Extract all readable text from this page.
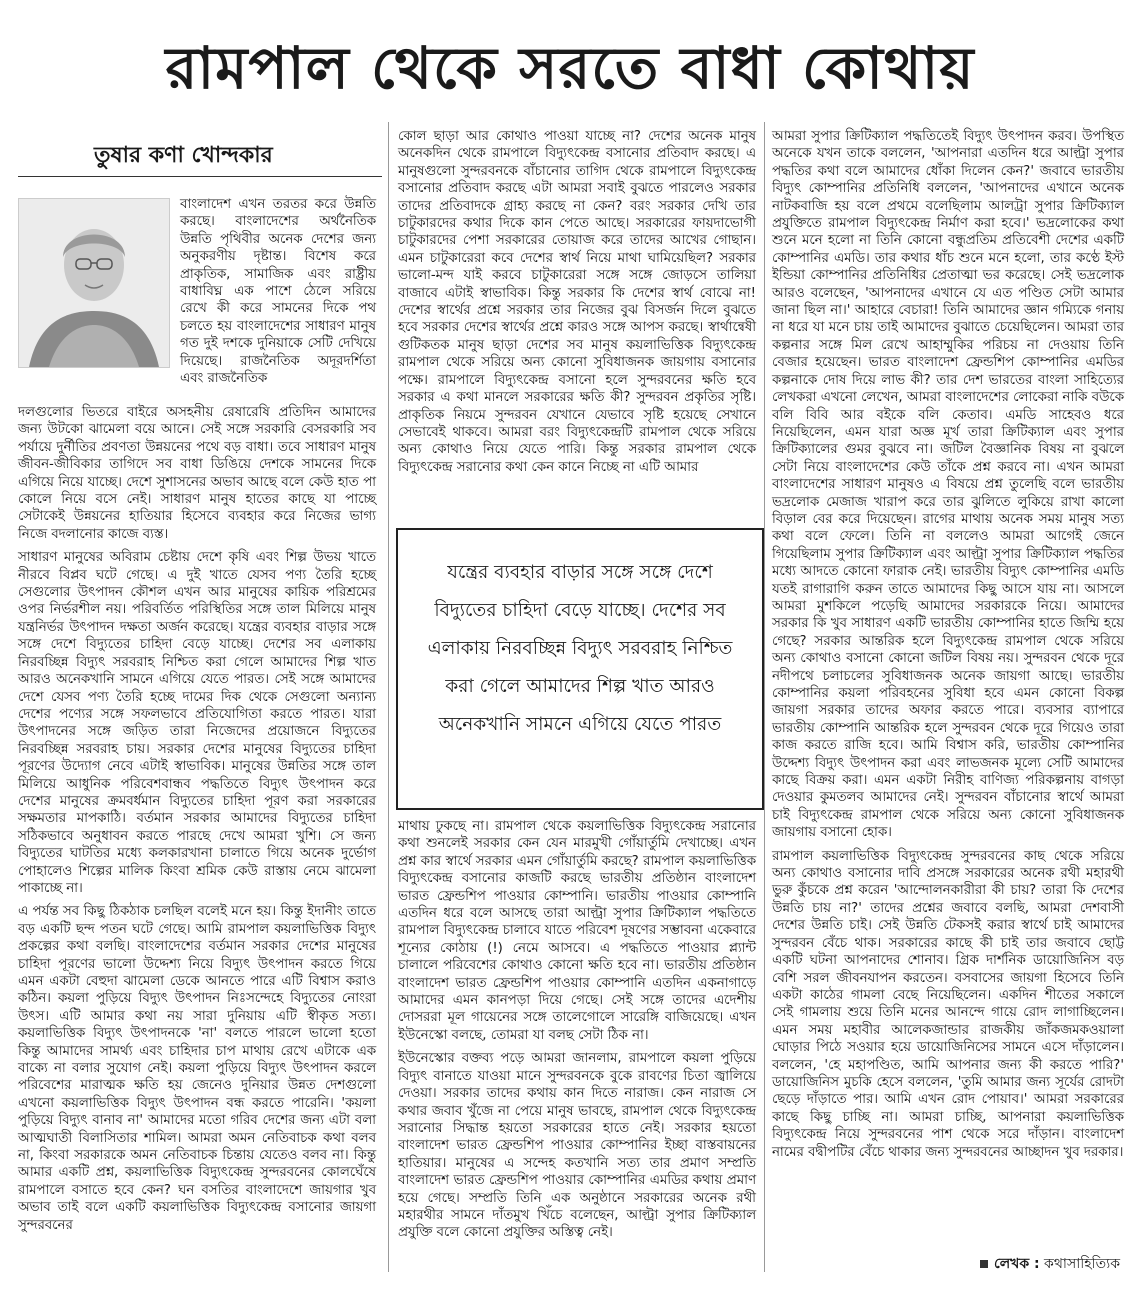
রামপাল থেকে সরতে বাধা কোথায়
তুষার কণা খোন্দকার

বাংলাদেশ এখন তরতর করে উন্নতি করছে। বাংলাদেশের অর্থনৈতিক উন্নতি পৃথিবীর অনেক দেশের জন্য অনুকরণীয় দৃষ্টান্ত। বিশেষ করে প্রাকৃতিক, সামাজিক এবং রাষ্ট্রীয় বাধাবিঘ্ন এক পাশে ঠেলে সরিয়ে রেখে কী করে সামনের দিকে পথ চলতে হয় বাংলাদেশের সাধারণ মানুষ গত দুই দশকে দুনিয়াকে সেটি দেখিয়ে দিয়েছে। রাজনৈতিক অদূরদর্শিতা এবং রাজনৈতিক

দলগুলোর ভিতরে বাইরে অসহনীয় রেষারেষি প্রতিদিন আমাদের জন্য উটকো ঝামেলা বয়ে আনে। সেই সঙ্গে সরকারি বেসরকারি সব পর্যায়ে দুর্নীতির প্রবণতা উন্নয়নের পথে বড় বাধা। তবে সাধারণ মানুষ জীবন-জীবিকার তাগিদে সব বাধা ডিঙিয়ে দেশকে সামনের দিকে এগিয়ে নিয়ে যাচ্ছে। দেশে সুশাসনের অভাব আছে বলে কেউ হাত পা কোলে নিয়ে বসে নেই। সাধারণ মানুষ হাতের কাছে যা পাচ্ছে সেটাকেই উন্নয়নের হাতিয়ার হিসেবে ব্যবহার করে নিজের ভাগ্য নিজে বদলানোর কাজে ব্যস্ত।

সাধারণ মানুষের অবিরাম চেষ্টায় দেশে কৃষি এবং শিল্প উভয় খাতে নীরবে বিপ্লব ঘটে গেছে। এ দুই খাতে যেসব পণ্য তৈরি হচ্ছে সেগুলোর উৎপাদন কৌশল এখন আর মানুষের কায়িক পরিশ্রমের ওপর নির্ভরশীল নয়। পরিবর্তিত পরিস্থিতির সঙ্গে তাল মিলিয়ে মানুষ যন্ত্রনির্ভর উৎপাদন দক্ষতা অর্জন করেছে। যন্ত্রের ব্যবহার বাড়ার সঙ্গে সঙ্গে দেশে বিদ্যুতের চাহিদা বেড়ে যাচ্ছে। দেশের সব এলাকায় নিরবচ্ছিন্ন বিদ্যুৎ সরবরাহ নিশ্চিত করা গেলে আমাদের শিল্প খাত আরও অনেকখানি সামনে এগিয়ে যেতে পারত। সেই সঙ্গে আমাদের দেশে যেসব পণ্য তৈরি হচ্ছে দামের দিক থেকে সেগুলো অন্যান্য দেশের পণ্যের সঙ্গে সফলভাবে প্রতিযোগিতা করতে পারত। যারা উৎপাদনের সঙ্গে জড়িত তারা নিজেদের প্রয়োজনে বিদ্যুতের নিরবচ্ছিন্ন সরবরাহ চায়। সরকার দেশের মানুষের বিদ্যুতের চাহিদা পূরণের উদ্যোগ নেবে এটাই স্বাভাবিক। মানুষের উন্নতির সঙ্গে তাল মিলিয়ে আধুনিক পরিবেশবান্ধব পদ্ধতিতে বিদ্যুৎ উৎপাদন করে দেশের মানুষের ক্রমবর্ধমান বিদ্যুতের চাহিদা পূরণ করা সরকারের সক্ষমতার মাপকাঠি। বর্তমান সরকার আমাদের বিদ্যুতের চাহিদা সঠিকভাবে অনুধাবন করতে পারছে দেখে আমরা খুশি। সে জন্য বিদ্যুতের ঘাটতির মধ্যে কলকারখানা চালাতে গিয়ে অনেক দুর্ভোগ পোহালেও শিল্পের মালিক কিংবা শ্রমিক কেউ রাস্তায় নেমে ঝামেলা পাকাচ্ছে না।

এ পর্যন্ত সব কিছু ঠিকঠাক চলছিল বলেই মনে হয়। কিন্তু ইদানীং তাতে বড় একটি ছন্দ পতন ঘটে গেছে। আমি রামপাল কয়লাভিত্তিক বিদ্যুৎ প্রকল্পের কথা বলছি। বাংলাদেশের বর্তমান সরকার দেশের মানুষের চাহিদা পূরণের ভালো উদ্দেশ্য নিয়ে বিদ্যুৎ উৎপাদন করতে গিয়ে এমন একটা বেহুদা ঝামেলা ডেকে আনতে পারে এটি বিশ্বাস করাও কঠিন। কয়লা পুড়িয়ে বিদ্যুৎ উৎপাদন নিঃসন্দেহে বিদ্যুতের নোংরা উৎস। এটি আমার কথা নয় সারা দুনিয়ায় এটি স্বীকৃত সত্য। কয়লাভিত্তিক বিদ্যুৎ উৎপাদনকে 'না' বলতে পারলে ভালো হতো কিন্তু আমাদের সামর্থ্য এবং চাহিদার চাপ মাথায় রেখে এটাকে এক বাক্যে না বলার সুযোগ নেই। কয়লা পুড়িয়ে বিদ্যুৎ উৎপাদন করলে পরিবেশের মারাত্মক ক্ষতি হয় জেনেও দুনিয়ার উন্নত দেশগুলো এখনো কয়লাভিত্তিক বিদ্যুৎ উৎপাদন বন্ধ করতে পারেনি। 'কয়লা পুড়িয়ে বিদ্যুৎ বানাব না' আমাদের মতো গরিব দেশের জন্য এটা বলা আত্মঘাতী বিলাসিতার শামিল। আমরা অমন নেতিবাচক কথা বলব না, কিংবা সরকারকে অমন নেতিবাচক চিন্তায় যেতেও বলব না। কিন্তু আমার একটি প্রশ্ন, কয়লাভিত্তিক বিদ্যুৎকেন্দ্র সুন্দরবনের কোলঘেঁষে রামপালে বসাতে হবে কেন? ঘন বসতির বাংলাদেশে জায়গার খুব অভাব তাই বলে একটি কয়লাভিত্তিক বিদ্যুৎকেন্দ্র বসানোর জায়গা সুন্দরবনের

কোল ছাড়া আর কোথাও পাওয়া যাচ্ছে না? দেশের অনেক মানুষ অনেকদিন থেকে রামপালে বিদ্যুৎকেন্দ্র বসানোর প্রতিবাদ করছে। এ মানুষগুলো সুন্দরবনকে বাঁচানোর তাগিদ থেকে রামপালে বিদ্যুৎকেন্দ্র বসানোর প্রতিবাদ করছে এটা আমরা সবাই বুঝতে পারলেও সরকার তাদের প্রতিবাদকে গ্রাহ্য করছে না কেন? বরং সরকার দেখি তার চাটুকারদের কথার দিকে কান পেতে আছে। সরকারের ফায়দাভোগী চাটুকারদের পেশা সরকারের তোয়াজ করে তাদের আখের গোছান। এমন চাটুকারেরা কবে দেশের স্বার্থ নিয়ে মাথা ঘামিয়েছিল? সরকার ভালো-মন্দ যাই করবে চাটুকারেরা সঙ্গে সঙ্গে জোড়সে তালিয়া বাজাবে এটাই স্বাভাবিক। কিন্তু সরকার কি দেশের স্বার্থ বোঝে না! দেশের স্বার্থের প্রশ্নে সরকার তার নিজের বুঝ বিসর্জন দিলে বুঝতে হবে সরকার দেশের স্বার্থের প্রশ্নে কারও সঙ্গে আপস করছে। স্বার্থান্বেষী গুটিকতক মানুষ ছাড়া দেশের সব মানুষ কয়লাভিত্তিক বিদ্যুৎকেন্দ্র রামপাল থেকে সরিয়ে অন্য কোনো সুবিধাজনক জায়গায় বসানোর পক্ষে। রামপালে বিদ্যুৎকেন্দ্র বসানো হলে সুন্দরবনের ক্ষতি হবে সরকার এ কথা মানলে সরকারের ক্ষতি কী? সুন্দরবন প্রকৃতির সৃষ্টি। প্রাকৃতিক নিয়মে সুন্দরবন যেখানে যেভাবে সৃষ্টি হয়েছে সেখানে সেভাবেই থাকবে। আমরা বরং বিদ্যুৎকেন্দ্রটি রামপাল থেকে সরিয়ে অন্য কোথাও নিয়ে যেতে পারি। কিন্তু সরকার রামপাল থেকে বিদ্যুৎকেন্দ্র সরানোর কথা কেন কানে নিচ্ছে না এটি আমার

যন্ত্রের ব্যবহার বাড়ার সঙ্গে সঙ্গে দেশে বিদ্যুতের চাহিদা বেড়ে যাচ্ছে। দেশের সব এলাকায় নিরবচ্ছিন্ন বিদ্যুৎ সরবরাহ নিশ্চিত করা গেলে আমাদের শিল্প খাত আরও অনেকখানি সামনে এগিয়ে যেতে পারত

মাথায় ঢুকছে না। রামপাল থেকে কয়লাভিত্তিক বিদ্যুৎকেন্দ্র সরানোর কথা শুনলেই সরকার কেন যেন মারমুখী গোঁয়ার্তুমি দেখাচ্ছে। এখন প্রশ্ন কার স্বার্থে সরকার এমন গোঁয়ার্তুমি করছে? রামপাল কয়লাভিত্তিক বিদ্যুৎকেন্দ্র বসানোর কাজটি করছে ভারতীয় প্রতিষ্ঠান বাংলাদেশ ভারত ফ্রেন্ডশিপ পাওয়ার কোম্পানি। ভারতীয় পাওয়ার কোম্পানি এতদিন ধরে বলে আসছে তারা আল্ট্রা সুপার ক্রিটিক্যাল পদ্ধতিতে রামপাল বিদ্যুৎকেন্দ্র চালাবে যাতে পরিবেশ দূষণের সম্ভাবনা একেবারে শূন্যের কোঠায় (!) নেমে আসবে। এ পদ্ধতিতে পাওয়ার প্ল্যান্ট চালালে পরিবেশের কোথাও কোনো ক্ষতি হবে না। ভারতীয় প্রতিষ্ঠান বাংলাদেশ ভারত ফ্রেন্ডশিপ পাওয়ার কোম্পানি এতদিন একনাগাড়ে আমাদের এমন কানপড়া দিয়ে গেছে। সেই সঙ্গে তাদের এদেশীয় দোসররা মূল গায়েনের সঙ্গে তালেগোলে সারেঙ্গি বাজিয়েছে। এখন ইউনেস্কো বলছে, তোমরা যা বলছ সেটা ঠিক না।

ইউনেস্কোর বক্তব্য পড়ে আমরা জানলাম, রামপালে কয়লা পুড়িয়ে বিদ্যুৎ বানাতে যাওয়া মানে সুন্দরবনকে বুকে রাবণের চিতা জ্বালিয়ে দেওয়া। সরকার তাদের কথায় কান দিতে নারাজ। কেন নারাজ সে কথার জবাব খুঁজে না পেয়ে মানুষ ভাবছে, রামপাল থেকে বিদ্যুৎকেন্দ্র সরানোর সিদ্ধান্ত হয়তো সরকারের হাতে নেই। সরকার হয়তো বাংলাদেশ ভারত ফ্রেন্ডশিপ পাওয়ার কোম্পানির ইচ্ছা বাস্তবায়নের হাতিয়ার। মানুষের এ সন্দেহ কতখানি সত্য তার প্রমাণ সম্প্রতি বাংলাদেশ ভারত ফ্রেন্ডশিপ পাওয়ার কোম্পানির এমডির কথায় প্রমাণ হয়ে গেছে। সম্প্রতি তিনি এক অনুষ্ঠানে সরকারের অনেক রথী মহারথীর সামনে দাঁতমুখ খিঁচে বলেছেন, আল্ট্রা সুপার ক্রিটিক্যাল প্রযুক্তি বলে কোনো প্রযুক্তির অস্তিত্ব নেই।

আমরা সুপার ক্রিটিক্যাল পদ্ধতিতেই বিদ্যুৎ উৎপাদন করব। উপস্থিত অনেকে যখন তাকে বললেন, 'আপনারা এতদিন ধরে আল্ট্রা সুপার পদ্ধতির কথা বলে আমাদের ধোঁকা দিলেন কেন?' জবাবে ভারতীয় বিদ্যুৎ কোম্পানির প্রতিনিধি বললেন, 'আপনাদের এখানে অনেক নাটকবাজি হয় বলে প্রথমে বলেছিলাম আলট্রা সুপার ক্রিটিক্যাল প্রযুক্তিতে রামপাল বিদ্যুৎকেন্দ্র নির্মাণ করা হবে।' ভদ্রলোকের কথা শুনে মনে হলো না তিনি কোনো বন্ধুপ্রতিম প্রতিবেশী দেশের একটি কোম্পানির এমডি। তার কথার ধাঁচ শুনে মনে হলো, তার কণ্ঠে ইস্ট ইন্ডিয়া কোম্পানির প্রতিনিধির প্রেতাত্মা ভর করেছে। সেই ভদ্রলোক আরও বলেছেন, 'আপনাদের এখানে যে এত পণ্ডিত সেটা আমার জানা ছিল না।' আহারে বেচারা! তিনি আমাদের জ্ঞান গম্যিকে গনায় না ধরে যা মনে চায় তাই আমাদের বুঝাতে চেয়েছিলেন। আমরা তার কল্পনার সঙ্গে মিল রেখে আহাম্মুকির পরিচয় না দেওয়ায় তিনি বেজার হয়েছেন। ভারত বাংলাদেশ ফ্রেন্ডশিপ কোম্পানির এমডির কল্পনাকে দোষ দিয়ে লাভ কী? তার দেশ ভারতের বাংলা সাহিত্যের লেখকরা এখনো লেখেন, আমরা বাংলাদেশের লোকেরা নাকি বউকে বলি বিবি আর বইকে বলি কেতাব। এমডি সাহেবও ধরে নিয়েছিলেন, এমন যারা অজ্ঞ মূর্খ তারা ক্রিটিক্যাল এবং সুপার ক্রিটিক্যালের গুমর বুঝবে না। জটিল বৈজ্ঞানিক বিষয় না বুঝলে সেটা নিয়ে বাংলাদেশের কেউ তাঁকে প্রশ্ন করবে না। এখন আমরা বাংলাদেশের সাধারণ মানুষও এ বিষয়ে প্রশ্ন তুলেছি বলে ভারতীয় ভদ্রলোক মেজাজ খারাপ করে তার ঝুলিতে লুকিয়ে রাখা কালো বিড়াল বের করে দিয়েছেন। রাগের মাথায় অনেক সময় মানুষ সত্য কথা বলে ফেলে। তিনি না বললেও আমরা আগেই জেনে গিয়েছিলাম সুপার ক্রিটিক্যাল এবং আল্ট্রা সুপার ক্রিটিক্যাল পদ্ধতির মধ্যে আদতে কোনো ফারাক নেই। ভারতীয় বিদ্যুৎ কোম্পানির এমডি যতই রাগারাগি করুন তাতে আমাদের কিছু আসে যায় না। আসলে আমরা মুশকিলে পড়েছি আমাদের সরকারকে নিয়ে। আমাদের সরকার কি খুব সাধারণ একটি ভারতীয় কোম্পানির হাতে জিম্মি হয়ে গেছে? সরকার আন্তরিক হলে বিদ্যুৎকেন্দ্র রামপাল থেকে সরিয়ে অন্য কোথাও বসানো কোনো জটিল বিষয় নয়। সুন্দরবন থেকে দূরে নদীপথে চলাচলের সুবিধাজনক অনেক জায়গা আছে। ভারতীয় কোম্পানির কয়লা পরিবহনের সুবিধা হবে এমন কোনো বিকল্প জায়গা সরকার তাদের অফার করতে পারে। ব্যবসার ব্যাপারে ভারতীয় কোম্পানি আন্তরিক হলে সুন্দরবন থেকে দূরে গিয়েও তারা কাজ করতে রাজি হবে। আমি বিশ্বাস করি, ভারতীয় কোম্পানির উদ্দেশ্য বিদ্যুৎ উৎপাদন করা এবং লাভজনক মূল্যে সেটি আমাদের কাছে বিক্রয় করা। এমন একটা নিরীহ বাণিজ্য পরিকল্পনায় বাগড়া দেওয়ার কুমতলব আমাদের নেই। সুন্দরবন বাঁচানোর স্বার্থে আমরা চাই বিদ্যুৎকেন্দ্র রামপাল থেকে সরিয়ে অন্য কোনো সুবিধাজনক জায়গায় বসানো হোক।

রামপাল কয়লাভিত্তিক বিদ্যুৎকেন্দ্র সুন্দরবনের কাছ থেকে সরিয়ে অন্য কোথাও বসানোর দাবি প্রসঙ্গে সরকারের অনেক রথী মহারথী ভুরু কুঁচকে প্রশ্ন করেন 'আন্দোলনকারীরা কী চায়? তারা কি দেশের উন্নতি চায় না?' তাদের প্রশ্নের জবাবে বলছি, আমরা দেশবাসী দেশের উন্নতি চাই। সেই উন্নতি টেকসই করার স্বার্থে চাই আমাদের সুন্দরবন বেঁচে থাক। সরকারের কাছে কী চাই তার জবাবে ছোট্ট একটি ঘটনা আপনাদের শোনাব। গ্রিক দার্শনিক ডায়োজিনিস বড় বেশি সরল জীবনযাপন করতেন। বসবাসের জায়গা হিসেবে তিনি একটা কাঠের গামলা বেছে নিয়েছিলেন। একদিন শীতের সকালে সেই গামলায় শুয়ে তিনি মনের আনন্দে গায়ে রোদ লাগাচ্ছিলেন। এমন সময় মহাবীর আলেকজান্ডার রাজকীয় জাঁকজমকওয়ালা ঘোড়ার পিঠে সওয়ার হয়ে ডায়োজিনিসের সামনে এসে দাঁড়ালেন। বললেন, 'হে মহাপণ্ডিত, আমি আপনার জন্য কী করতে পারি?' ডায়োজিনিস মুচকি হেসে বললেন, 'তুমি আমার জন্য সূর্যের রোদটা ছেড়ে দাঁড়াতে পার। আমি এখন রোদ পোয়াব।' আমরা সরকারের কাছে কিছু চাচ্ছি না। আমরা চাচ্ছি, আপনারা কয়লাভিত্তিক বিদ্যুৎকেন্দ্র নিয়ে সুন্দরবনের পাশ থেকে সরে দাঁড়ান। বাংলাদেশ নামের বদ্বীপটির বেঁচে থাকার জন্য সুন্দরবনের আচ্ছাদন খুব দরকার।

লেখক : কথাসাহিত্যিক
